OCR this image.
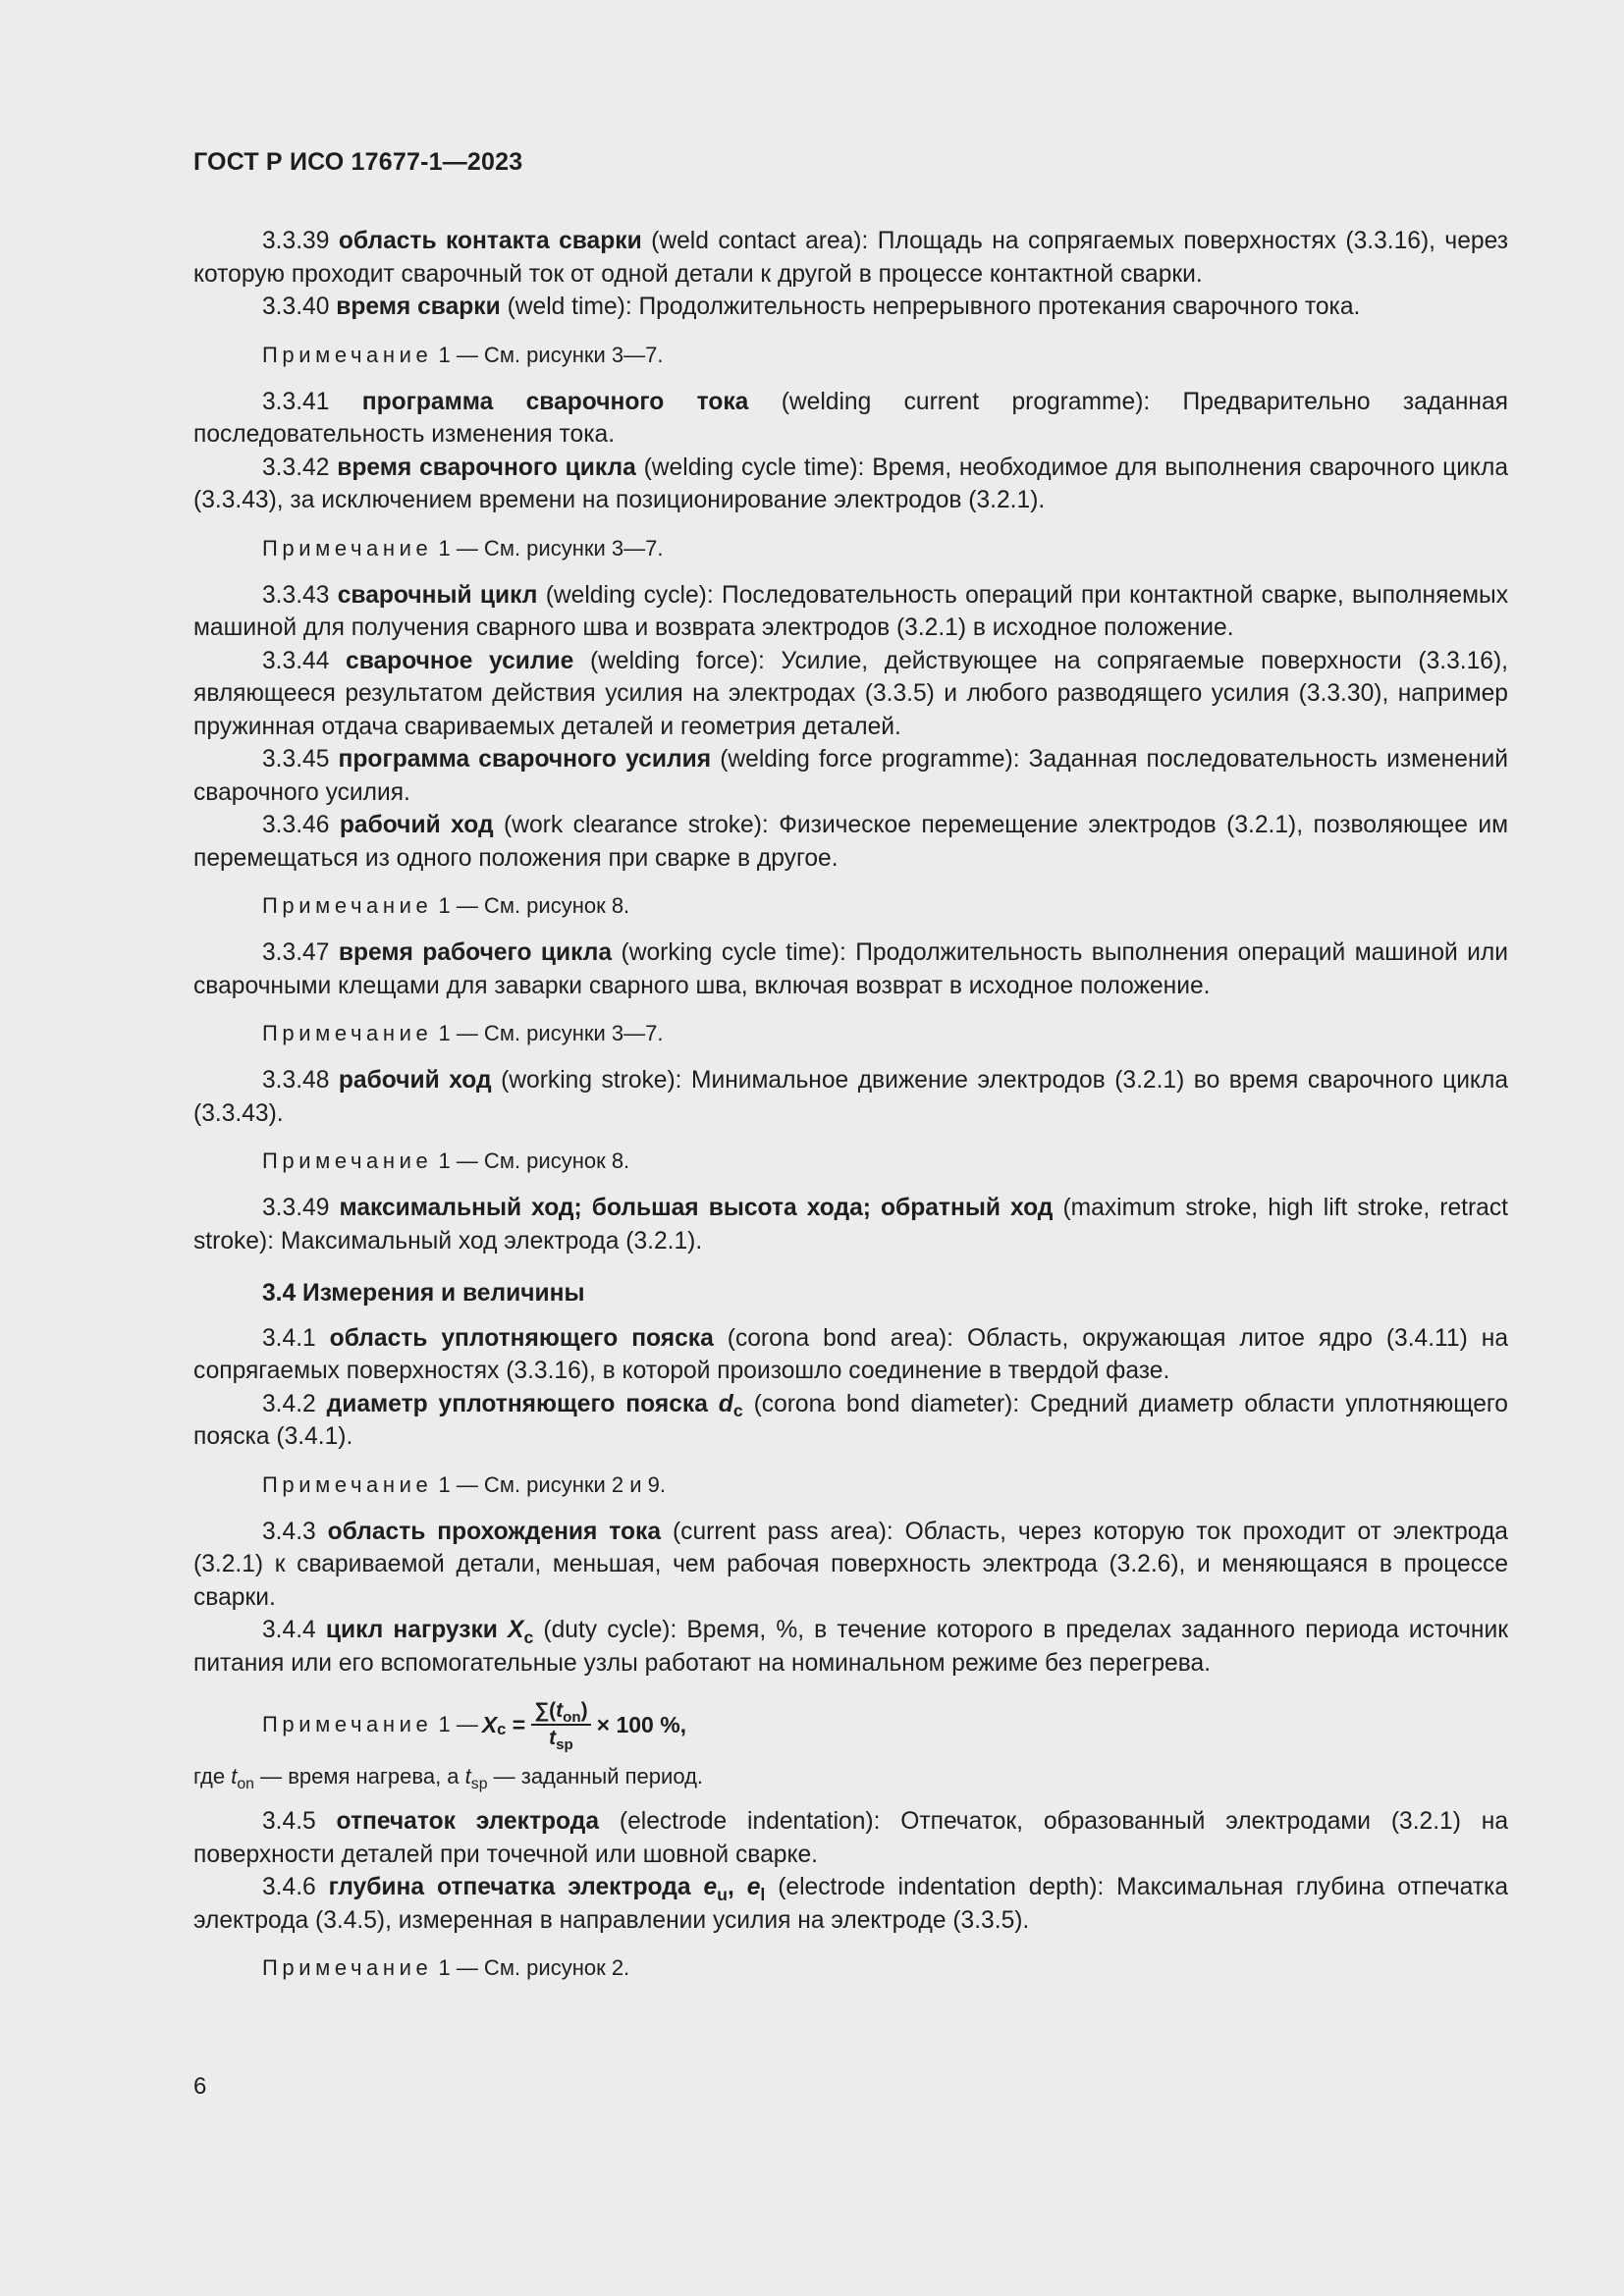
ГОСТ Р ИСО 17677-1—2023

3.3.39 область контакта сварки (weld contact area): Площадь на сопрягаемых поверхностях (3.3.16), через которую проходит сварочный ток от одной детали к другой в процессе контактной сварки.

3.3.40 время сварки (weld time): Продолжительность непрерывного протекания сварочного тока.

Примечание 1 — См. рисунки 3—7.

3.3.41 программа сварочного тока (welding current programme): Предварительно заданная последовательность изменения тока.

3.3.42 время сварочного цикла (welding cycle time): Время, необходимое для выполнения сварочного цикла (3.3.43), за исключением времени на позиционирование электродов (3.2.1).

Примечание 1 — См. рисунки 3—7.

3.3.43 сварочный цикл (welding cycle): Последовательность операций при контактной сварке, выполняемых машиной для получения сварного шва и возврата электродов (3.2.1) в исходное положение.

3.3.44 сварочное усилие (welding force): Усилие, действующее на сопрягаемые поверхности (3.3.16), являющееся результатом действия усилия на электродах (3.3.5) и любого разводящего усилия (3.3.30), например пружинная отдача свариваемых деталей и геометрия деталей.

3.3.45 программа сварочного усилия (welding force programme): Заданная последовательность изменений сварочного усилия.

3.3.46 рабочий ход (work clearance stroke): Физическое перемещение электродов (3.2.1), позволяющее им перемещаться из одного положения при сварке в другое.

Примечание 1 — См. рисунок 8.

3.3.47 время рабочего цикла (working cycle time): Продолжительность выполнения операций машиной или сварочными клещами для заварки сварного шва, включая возврат в исходное положение.

Примечание 1 — См. рисунки 3—7.

3.3.48 рабочий ход (working stroke): Минимальное движение электродов (3.2.1) во время сварочного цикла (3.3.43).

Примечание 1 — См. рисунок 8.

3.3.49 максимальный ход; большая высота хода; обратный ход (maximum stroke, high lift stroke, retract stroke): Максимальный ход электрода (3.2.1).

3.4 Измерения и величины

3.4.1 область уплотняющего пояска (corona bond area): Область, окружающая литое ядро (3.4.11) на сопрягаемых поверхностях (3.3.16), в которой произошло соединение в твердой фазе.

3.4.2 диаметр уплотняющего пояска $d_c$ (corona bond diameter): Средний диаметр области уплотняющего пояска (3.4.1).

Примечание 1 — См. рисунки 2 и 9.

3.4.3 область прохождения тока (current pass area): Область, через которую ток проходит от электрода (3.2.1) к свариваемой детали, меньшая, чем рабочая поверхность электрода (3.2.6), и меняющаяся в процессе сварки.

3.4.4 цикл нагрузки $X_c$ (duty cycle): Время, %, в течение которого в пределах заданного периода источник питания или его вспомогательные узлы работают на номинальном режиме без перегрева.

Примечание
1 — X c
= $\frac{\sum(t_{on})}{t_{sp}} \times 100$ %,
где $t_{on}$ — время нагрева, а $t_{sp}$ — заданный период.

3.4.5 отпечаток электрода (electrode indentation): Отпечаток, образованный электродами (3.2.1) на поверхности деталей при точечной или шовной сварке.

3.4.6 глубина отпечатка электрода $e_u$, $e_l$ (electrode indentation depth): Максимальная глубина отпечатка электрода (3.4.5), измеренная в направлении усилия на электроде (3.3.5).

Примечание 1 — См. рисунок 2.
6
